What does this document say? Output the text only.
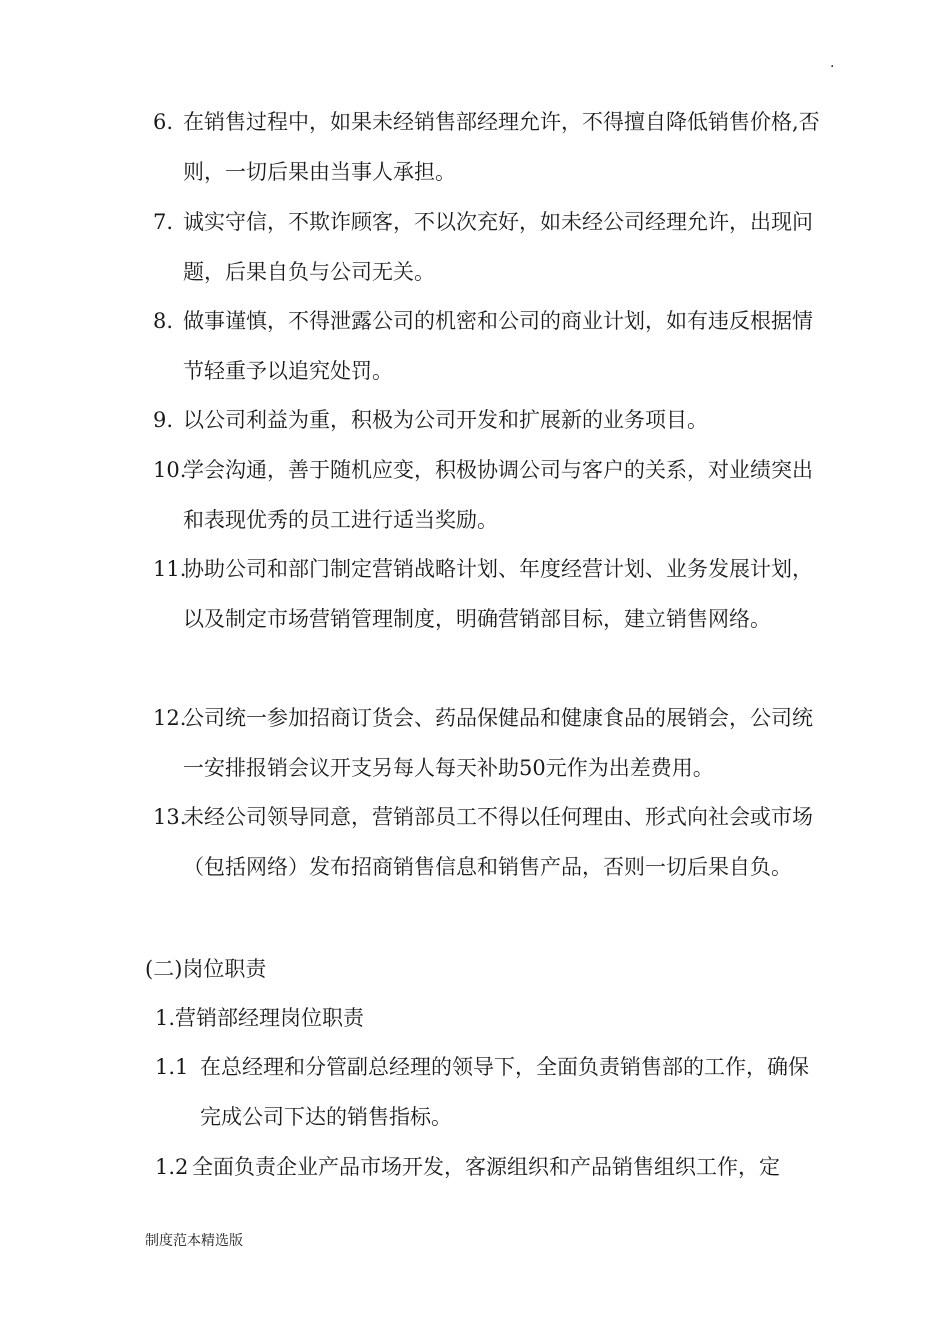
.
6. 在销售过程中，如果未经销售部经理允许，不得擅自降低销售价格,否则，一切后果由当事人承担。
7. 诚实守信，不欺诈顾客，不以次充好，如未经公司经理允许，出现问题，后果自负与公司无关。
8. 做事谨慎，不得泄露公司的机密和公司的商业计划，如有违反根据情节轻重予以追究处罚。
9. 以公司利益为重，积极为公司开发和扩展新的业务项目。
10.
学会沟通，善于随机应变，积极协调公司与客户的关系，对业绩突出和表现优秀的员工进行适当奖励。
11.
协助公司和部门制定营销战略计划、年度经营计划、业务发展计划，以及制定市场营销管理制度，明确营销部目标，建立销售网络。
12.
公司统一参加招商订货会、药品保健品和健康食品的展销会，公司统一安排报销会议开支另每人每天补助50元作为出差费用。
13.
未经公司领导同意，营销部员工不得以任何理由、形式向社会或市场（包括网络）发布招商销售信息和销售产品，否则一切后果自负。
(二)岗位职责
1.营销部经理岗位职责
1.1 在总经理和分管副总经理的领导下，全面负责销售部的工作，确保完成公司下达的销售指标。
1.2 全面负责企业产品市场开发，客源组织和产品销售组织工作，定
制度范本精选版
